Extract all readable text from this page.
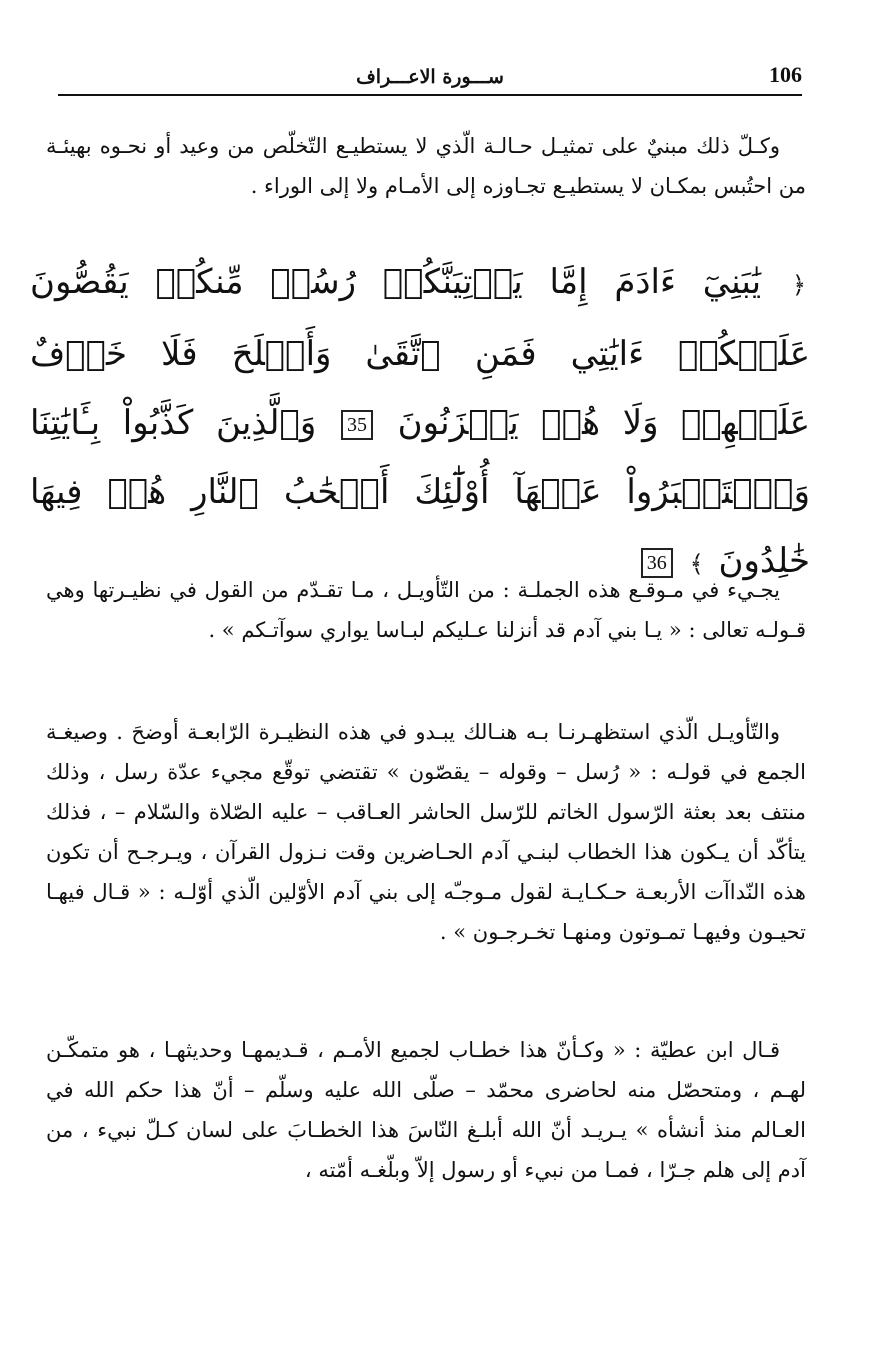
ســـورة الاعـــراف	106

وكـلّ ذلك مبنيٌ على تمثيـل حـالـة الّذي لا يستطيـع التّخلّص من وعيد أو نحـوه بهيئـة من احتُبس بمكـان لا يستطيـع تجـاوزه إلى الأمـام ولا إلى الوراء .

﴿ يَٰبَنِيٓ ءَادَمَ إِمَّا يَأۡتِيَنَّكُمۡ رُسُلٞ مِّنكُمۡ يَقُصُّونَ عَلَيۡكُمۡ ءَايَٰتِي فَمَنِ ٱتَّقَىٰ وَأَصۡلَحَ فَلَا خَوۡفٌ عَلَيۡهِمۡ وَلَا هُمۡ يَحۡزَنُونَ 35 وَٱلَّذِينَ كَذَّبُواْ بِـَٔايَٰتِنَا وَٱسۡتَكۡبَرُواْ عَنۡهَآ أُوْلَٰٓئِكَ أَصۡحَٰبُ ٱلنَّارِ هُمۡ فِيهَا خَٰلِدُونَ ﴾ 36

يجـيء في مـوقـع هذه الجملـة : من التّأويـل ، مـا تقـدّم من القول في نظيـرتها وهي قـولـه تعالى : « يـا بني آدم قد أنزلنا عـليكم لبـاسا يواري سوآتـكم » .

والتّأويـل الّذي استظهـرنـا بـه هنـالك يبـدو في هذه النظيـرة الرّابعـة أوضحَ . وصيغـة الجمع في قولـه : « رُسل – وقوله – يقصّون » تقتضي توقّع مجيء عدّة رسل ، وذلك منتف بعد بعثة الرّسول الخاتم للرّسل الحاشر العـاقب – عليه الصّلاة والسّلام – ، فذلك يتأكّد أن يـكون هذا الخطاب لبنـي آدم الحـاضرين وقت نـزول القرآن ، ويـرجـح أن تكون هذه النّداآت الأربعـة حـكـايـة لقول مـوجـّه إلى بني آدم الأوّلين الّذي أوّلـه : « قـال فيهـا تحيـون وفيهـا تمـوتون ومنهـا تخـرجـون » .

قـال ابن عطيّة : « وكـأنّ هذا خطـاب لجميع الأمـم ، قـديمهـا وحديثهـا ، هو متمكّـن لهـم ، ومتحصّل منه لحاضرى محمّد – صلّى الله عليه وسلّم – أنّ هذا حكم الله في العـالم منذ أنشأه » يـريـد أنّ الله أبلـغ النّاسَ هذا الخطـابَ على لسان كـلّ نبيء ، من آدم إلى هلم جـرّا ، فمـا من نبيء أو رسول إلاّ وبلّغـه أمّته ،
